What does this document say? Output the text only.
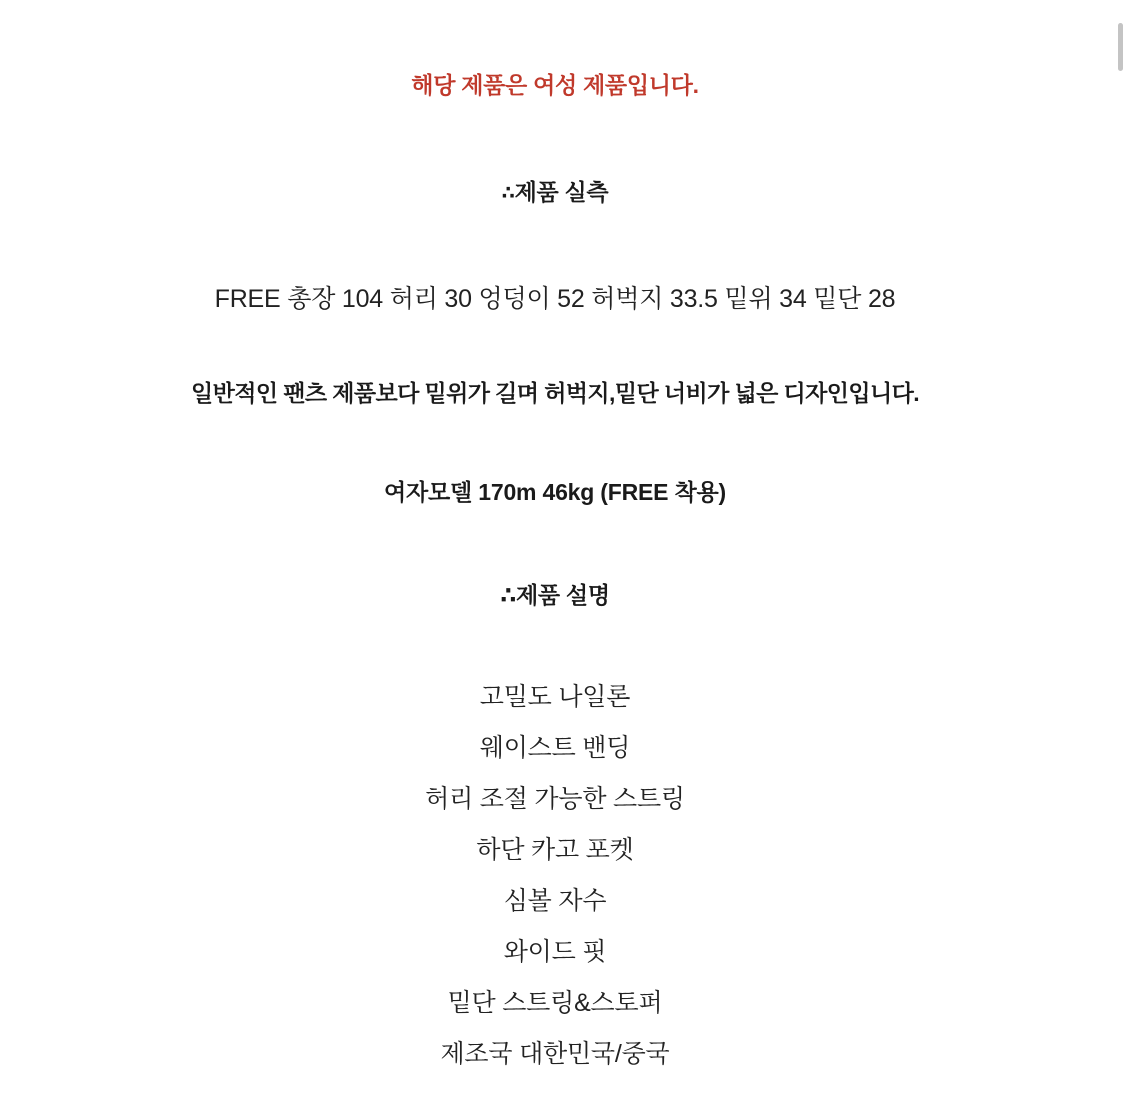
해당 제품은 여성 제품입니다.

∴제품 실측

FREE 총장 104 허리 30 엉덩이 52 허벅지 33.5 밑위 34 밑단 28

일반적인 팬츠 제품보다 밑위가 길며 허벅지,밑단 너비가 넓은 디자인입니다.

여자모델 170m 46kg (FREE 착용)

∴제품 설명
고밀도 나일론
웨이스트 밴딩
허리 조절 가능한 스트링
하단 카고 포켓
심볼 자수
와이드 핏
밑단 스트링&스토퍼
제조국 대한민국/중국
